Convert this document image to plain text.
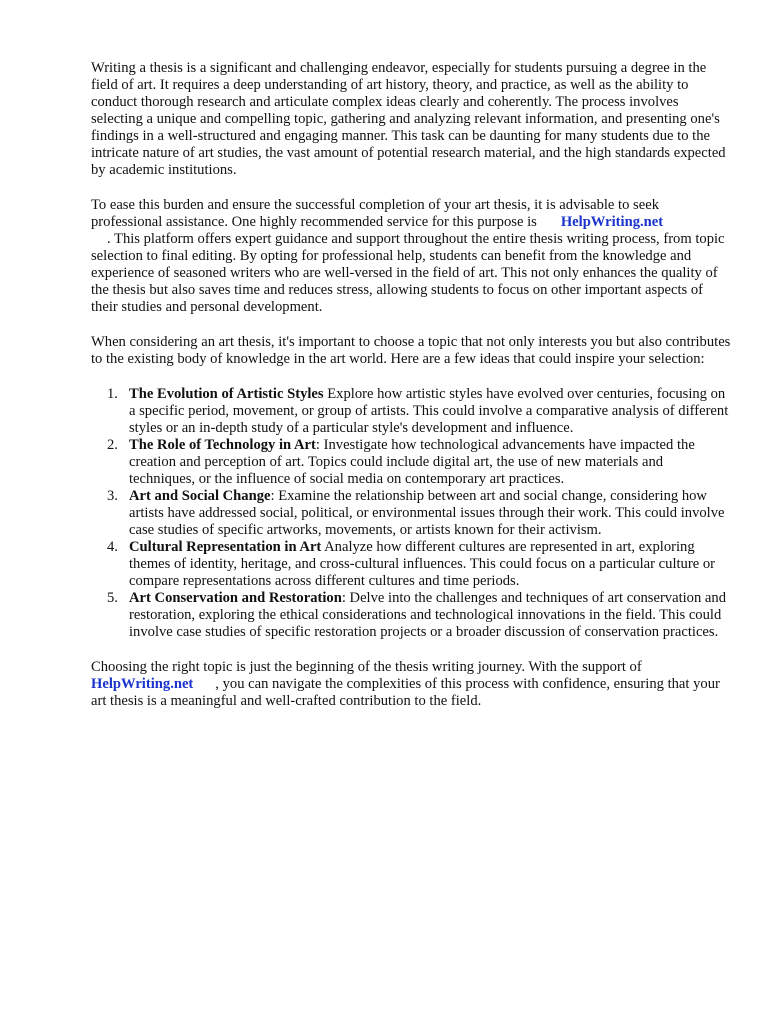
Writing a thesis is a significant and challenging endeavor, especially for students pursuing a degree in the field of art. It requires a deep understanding of art history, theory, and practice, as well as the ability to conduct thorough research and articulate complex ideas clearly and coherently. The process involves selecting a unique and compelling topic, gathering and analyzing relevant information, and presenting one's findings in a well-structured and engaging manner. This task can be daunting for many students due to the intricate nature of art studies, the vast amount of potential research material, and the high standards expected by academic institutions.

To ease this burden and ensure the successful completion of your art thesis, it is advisable to seek professional assistance. One highly recommended service for this purpose is HelpWriting.net

. This platform offers expert guidance and support throughout the entire thesis writing process, from topic selection to final editing. By opting for professional help, students can benefit from the knowledge and experience of seasoned writers who are well-versed in the field of art. This not only enhances the quality of the thesis but also saves time and reduces stress, allowing students to focus on other important aspects of their studies and personal development.

When considering an art thesis, it's important to choose a topic that not only interests you but also contributes to the existing body of knowledge in the art world. Here are a few ideas that could inspire your selection:

1. The Evolution of Artistic Styles Explore how artistic styles have evolved over centuries, focusing on a specific period, movement, or group of artists. This could involve a comparative analysis of different styles or an in-depth study of a particular style's development and influence.
2. The Role of Technology in Art: Investigate how technological advancements have impacted the creation and perception of art. Topics could include digital art, the use of new materials and techniques, or the influence of social media on contemporary art practices.
3. Art and Social Change: Examine the relationship between art and social change, considering how artists have addressed social, political, or environmental issues through their work. This could involve case studies of specific artworks, movements, or artists known for their activism.
4. Cultural Representation in Art Analyze how different cultures are represented in art, exploring themes of identity, heritage, and cross-cultural influences. This could focus on a particular culture or compare representations across different cultures and time periods.
5. Art Conservation and Restoration: Delve into the challenges and techniques of art conservation and restoration, exploring the ethical considerations and technological innovations in the field. This could involve case studies of specific restoration projects or a broader discussion of conservation practices.

Choosing the right topic is just the beginning of the thesis writing journey. With the support of HelpWriting.net , you can navigate the complexities of this process with confidence, ensuring that your art thesis is a meaningful and well-crafted contribution to the field.
